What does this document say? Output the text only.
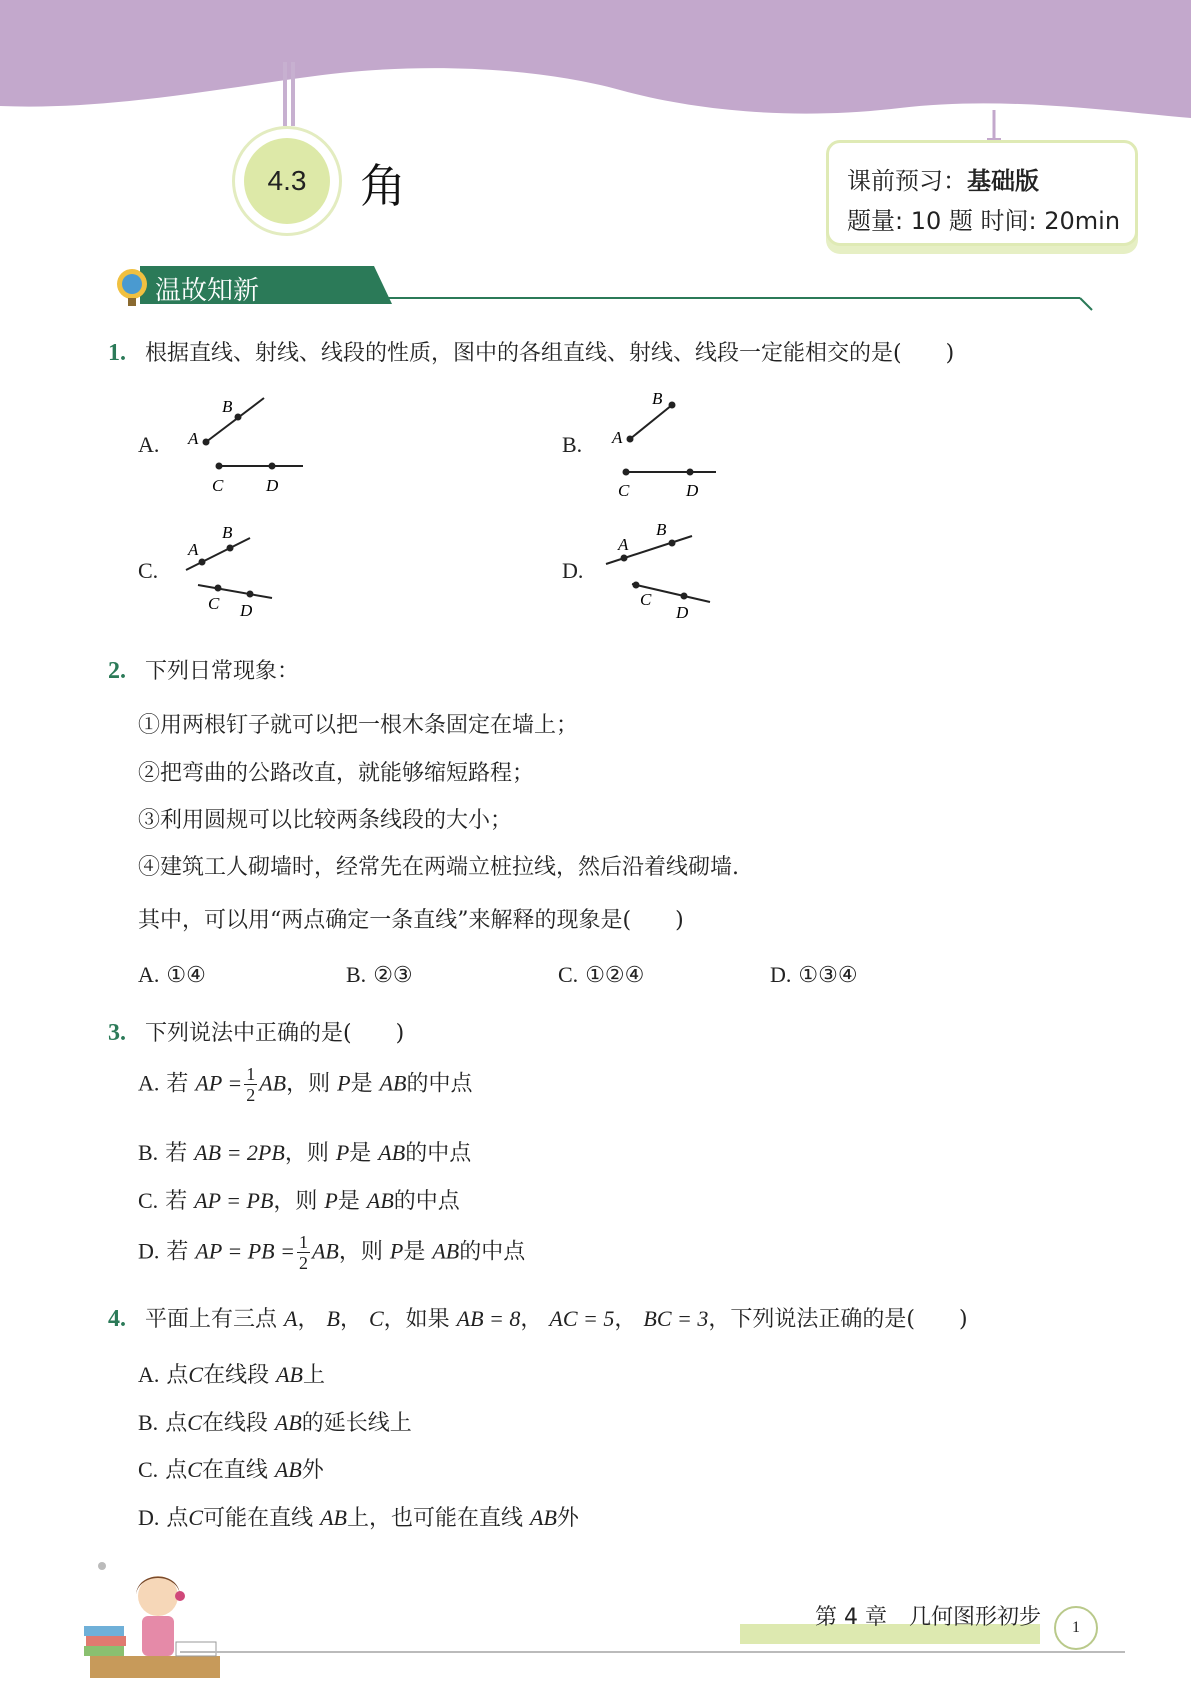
4.3	角	课前预习：基础版
题量: 10 题 时间: 20min
温故知新
1. 根据直线、射线、线段的性质，图中的各组直线、射线、线段一定能相交的是(　　)
A. A
B
C	D
B. A
B
C	D
C.
A
B
C D
D.
A
B
C
D
2. 下列日常现象：
①用两根钉子就可以把一根木条固定在墙上；
②把弯曲的公路改直，就能够缩短路程；
③利用圆规可以比较两条线段的大小；
④建筑工人砌墙时，经常先在两端立桩拉线，然后沿着线砌墙.
其中，可以用“两点确定一条直线”来解释的现象是(　　)
A. ①④	B. ②③	C. ①②④	D. ①③④
3. 下列说法中正确的是(　　)
A. 若 AP = $\frac{1}{2}$ AB，则 P是 AB的中点
B. 若 AB = 2PB，则 P是 AB的中点
C. 若 AP = PB，则 P是 AB的中点
D. 若 AP = PB = $\frac{1}{2}$ AB，则 P是 AB的中点
4. 平面上有三点 A， B， C，如果 AB = 8， AC = 5， BC = 3，下列说法正确的是(　　)
A. 点C在线段 AB上
B. 点C在线段 AB的延长线上
C. 点C在直线 AB外
D. 点C可能在直线 AB上，也可能在直线 AB外
第 4 章　几何图形初步	1
